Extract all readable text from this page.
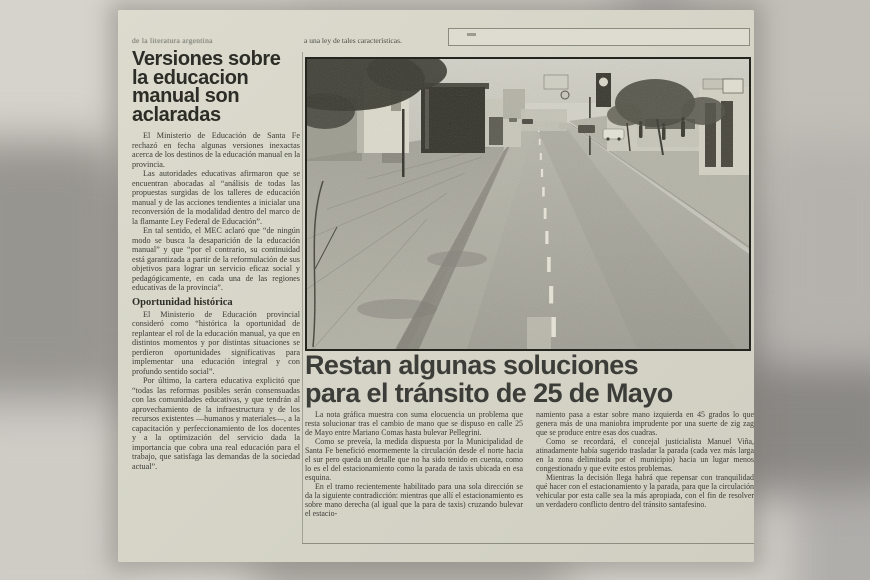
de la literatura argentina	a una ley de tales características.
Versiones sobre la educacion manual son aclaradas

El Ministerio de Educación de Santa Fe rechazó en fecha algunas versiones inexactas acerca de los destinos de la educación manual en la provincia.

Las autoridades educativas afirmaron que se encuentran abocadas al “análisis de todas las propuestas surgidas de los talleres de educación manual y de las acciones tendientes a inicialar una reconversión de la modalidad dentro del marco de la flamante Ley Federal de Educación”.

En tal sentido, el MEC aclaró que “de ningún modo se busca la desaparición de la educación manual” y que “por el contrario, su continuidad está garantizada a partir de la reformulación de sus objetivos para lograr un servicio eficaz social y pedagógicamente, en cada una de las regiones educativas de la provincia”.

Oportunidad histórica

El Ministerio de Educación provincial consideró como “histórica la oportunidad de replantear el rol de la educación manual, ya que en distintos momentos y por distintas situaciones se perdieron oportunidades significativas para implementar una educación integral y con profundo sentido social”.

Por último, la cartera educativa explicitó que “todas las reformas posibles serán consensuadas con las comunidades educativas, y que tendrán al aprovechamiento de la infraestructura y de los recursos existentes —humanos y materiales—, a la capacitación y perfeccionamiento de los docentes y a la optimización del servicio dada la importancia que cobra una real educación para el trabajo, que satisfaga las demandas de la sociedad actual”.

Restan algunas soluciones
para el tránsito de 25 de Mayo

La nota gráfica muestra con suma elocuencia un problema que resta solucionar tras el cambio de mano que se dispuso en calle 25 de Mayo entre Mariano Comas hasta bulevar Pellegrini.

Como se preveía, la medida dispuesta por la Municipalidad de Santa Fe benefició enormemente la circulación desde el norte hacia el sur pero queda un detalle que no ha sido tenido en cuenta, como lo es el del estacionamiento como la parada de taxis ubicada en esa esquina.

En el tramo recientemente habilitado para una sola dirección se da la siguiente contradicción: mientras que allí el estacionamiento es sobre mano derecha (al igual que la para de taxis) cruzando bulevar el estacio-

namiento pasa a estar sobre mano izquierda en 45 grados lo que genera más de una maniobra imprudente por una suerte de zig zag que se produce entre esas dos cuadras.

Como se recordará, el concejal justicialista Manuel Viña, atinadamente había sugerido trasladar la parada (cada vez más larga en la zona delimitada por el municipio) hacia un lugar menos congestionado y que evite estos problemas.

Mientras la decisión llega habrá que repensar con tranquilidad qué hacer con el estacionamiento y la parada, para que la circulación vehicular por esta calle sea la más apropiada, con el fin de resolver un verdadero conflicto dentro del tránsito santafesino.
